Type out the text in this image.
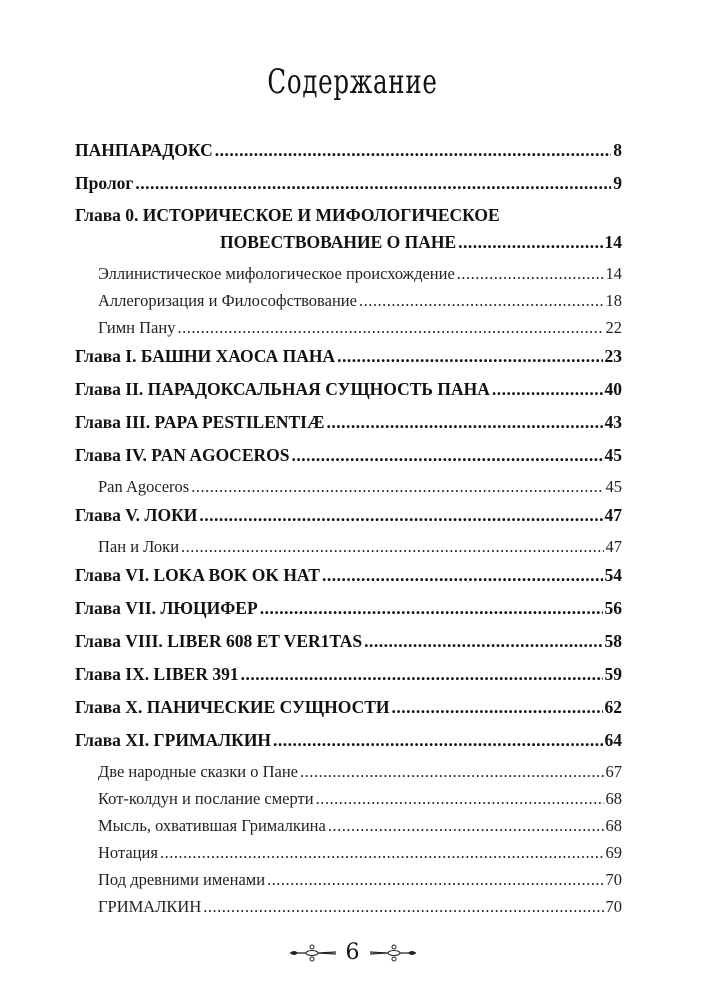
Содержание
ПАНПАРАДОКС .....	8
Пролог .....	9
Глава 0. ИСТОРИЧЕСКОЕ И МИФОЛОГИЧЕСКОЕ
ПОВЕСТВОВАНИЕ О ПАНЕ .....	14
Эллинистическое мифологическое происхождение .....	14
Аллегоризация и Философствование .....	18
Гимн Пану .....	22
Глава I. БАШНИ ХАОСА ПАНА .....	23
Глава II. ПАРАДОКСАЛЬНАЯ СУЩНОСТЬ ПАНА .....	40
Глава III. PAPA PESTILENTIÆ .....	43
Глава IV. PAN AGOCEROS .....	45
Pan Agoceros .....	45
Глава V. ЛОКИ .....	47
Пан и Локи .....	47
Глава VI. LOKA BOK OK HAT .....	54
Глава VII. ЛЮЦИФЕР .....	56
Глава VIII. LIBER 608 ET VER1TAS .....	58
Глава IX. LIBER 391 .....	59
Глава X. ПАНИЧЕСКИЕ СУЩНОСТИ .....	62
Глава XI. ГРИМАЛКИН .....	64
Две народные сказки о Пане .....	67
Кот-колдун и послание смерти .....	68
Мысль, охватившая Грималкина .....	68
Нотация .....	69
Под древними именами .....	70
ГРИМАЛКИН .....	70
6
